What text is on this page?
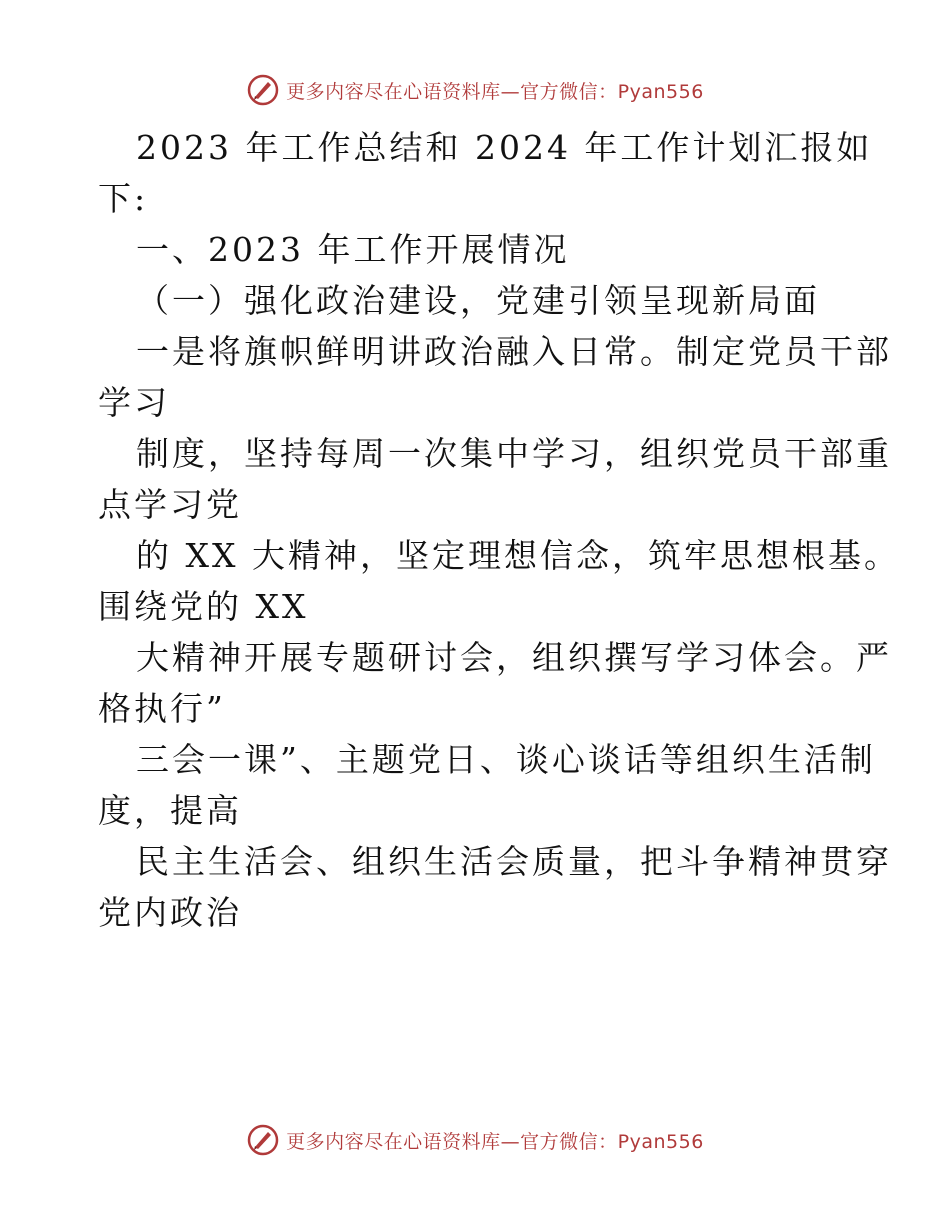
更多内容尽在心语资料库—官方微信：Pyan556
2023 年工作总结和 2024 年工作计划汇报如
下:
一、2023 年工作开展情况
（一）强化政治建设，党建引领呈现新局面
一是将旗帜鲜明讲政治融入日常。制定党员干部
学习
制度，坚持每周一次集中学习，组织党员干部重
点学习党
的 XX 大精神，坚定理想信念，筑牢思想根基。
围绕党的 XX
大精神开展专题研讨会，组织撰写学习体会。严
格执行”
三会一课”、主题党日、谈心谈话等组织生活制
度，提高
民主生活会、组织生活会质量，把斗争精神贯穿
党内政治
更多内容尽在心语资料库—官方微信：Pyan556
